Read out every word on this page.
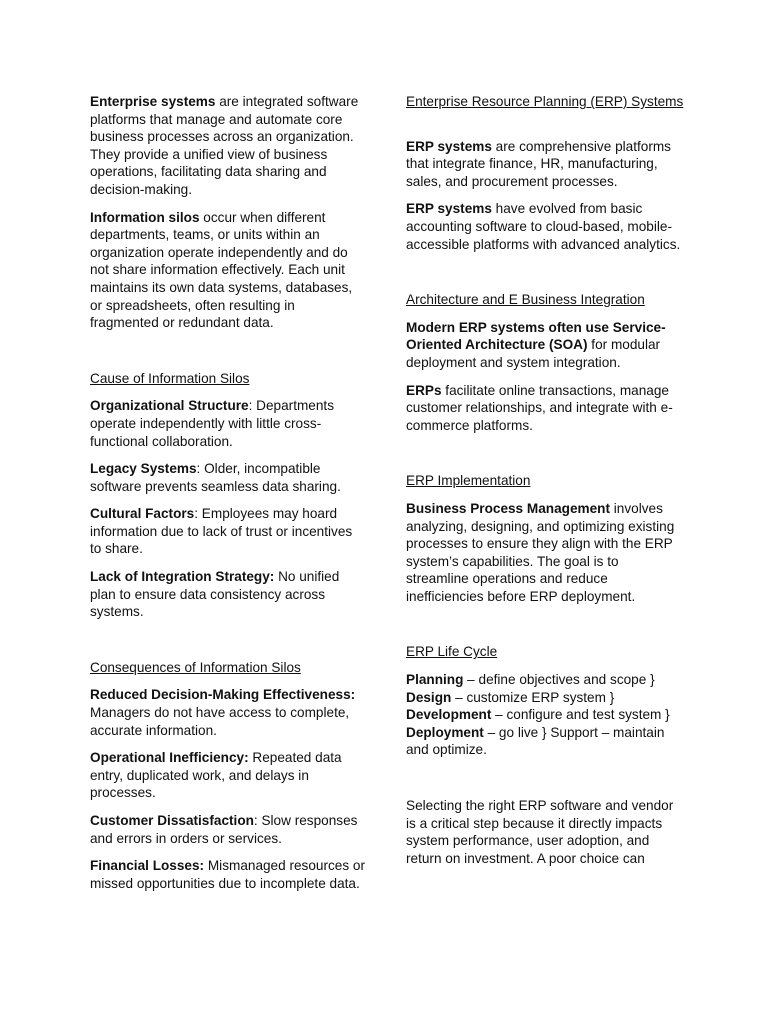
Enterprise systems are integrated software platforms that manage and automate core business processes across an organization. They provide a unified view of business operations, facilitating data sharing and decision-making.

Information silos occur when different departments, teams, or units within an organization operate independently and do not share information effectively. Each unit maintains its own data systems, databases, or spreadsheets, often resulting in fragmented or redundant data.

Cause of Information Silos

Organizational Structure: Departments operate independently with little cross-functional collaboration.

Legacy Systems: Older, incompatible software prevents seamless data sharing.

Cultural Factors: Employees may hoard information due to lack of trust or incentives to share.

Lack of Integration Strategy: No unified plan to ensure data consistency across systems.

Consequences of Information Silos

Reduced Decision-Making Effectiveness: Managers do not have access to complete, accurate information.

Operational Inefficiency: Repeated data entry, duplicated work, and delays in processes.

Customer Dissatisfaction: Slow responses and errors in orders or services.

Financial Losses: Mismanaged resources or missed opportunities due to incomplete data.

Enterprise Resource Planning (ERP) Systems

ERP systems are comprehensive platforms that integrate finance, HR, manufacturing, sales, and procurement processes.

ERP systems have evolved from basic accounting software to cloud-based, mobile-accessible platforms with advanced analytics.

Architecture and E Business Integration

Modern ERP systems often use Service-Oriented Architecture (SOA) for modular deployment and system integration.

ERPs facilitate online transactions, manage customer relationships, and integrate with e-commerce platforms.

ERP Implementation

Business Process Management involves analyzing, designing, and optimizing existing processes to ensure they align with the ERP system’s capabilities. The goal is to streamline operations and reduce inefficiencies before ERP deployment.

ERP Life Cycle

Planning – define objectives and scope }
Design – customize ERP system }
Development – configure and test system }
Deployment – go live } Support – maintain and optimize.

Selecting the right ERP software and vendor is a critical step because it directly impacts system performance, user adoption, and return on investment. A poor choice can
